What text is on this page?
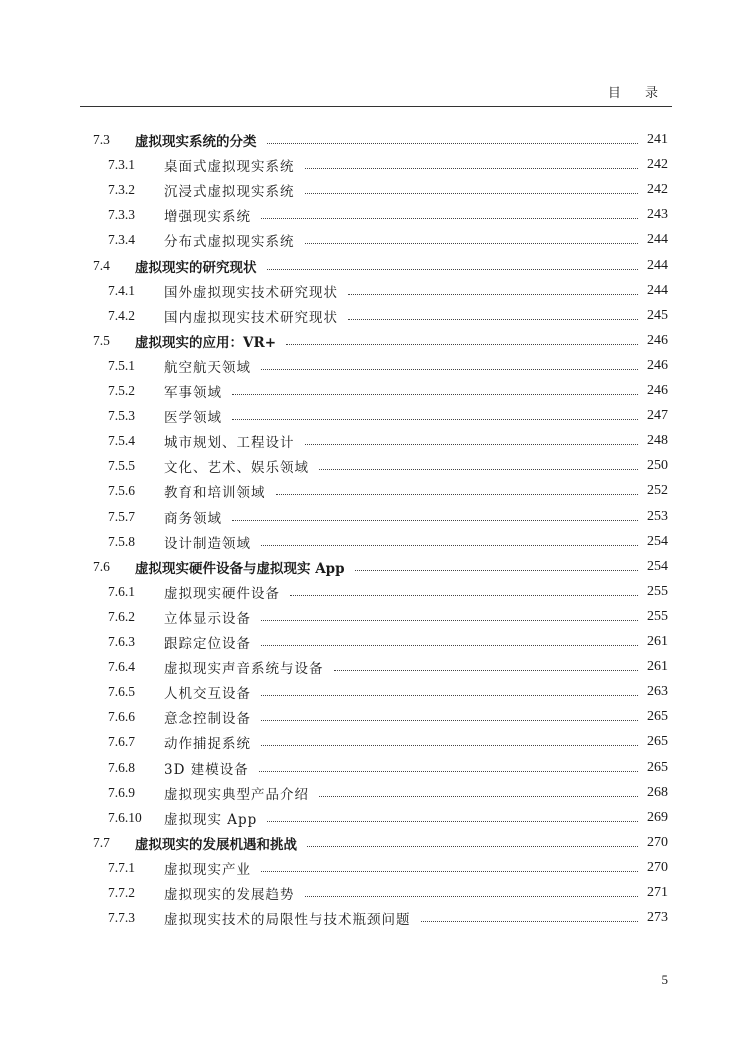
目 录
7.3 虚拟现实系统的分类	241
7.3.1 桌面式虚拟现实系统	242
7.3.2 沉浸式虚拟现实系统	242
7.3.3 增强现实系统	243
7.3.4 分布式虚拟现实系统	244
7.4 虚拟现实的研究现状	244
7.4.1 国外虚拟现实技术研究现状	244
7.4.2 国内虚拟现实技术研究现状	245
7.5 虚拟现实的应用：VR+	246
7.5.1 航空航天领域	246
7.5.2 军事领域	246
7.5.3 医学领域	247
7.5.4 城市规划、工程设计	248
7.5.5 文化、艺术、娱乐领域	250
7.5.6 教育和培训领域	252
7.5.7 商务领域	253
7.5.8 设计制造领域	254
7.6 虚拟现实硬件设备与虚拟现实 App	254
7.6.1 虚拟现实硬件设备	255
7.6.2 立体显示设备	255
7.6.3 跟踪定位设备	261
7.6.4 虚拟现实声音系统与设备	261
7.6.5 人机交互设备	263
7.6.6 意念控制设备	265
7.6.7 动作捕捉系统	265
7.6.8 3D 建模设备	265
7.6.9 虚拟现实典型产品介绍	268
7.6.10 虚拟现实 App	269
7.7 虚拟现实的发展机遇和挑战	270
7.7.1 虚拟现实产业	270
7.7.2 虚拟现实的发展趋势	271
7.7.3 虚拟现实技术的局限性与技术瓶颈问题	273
5
